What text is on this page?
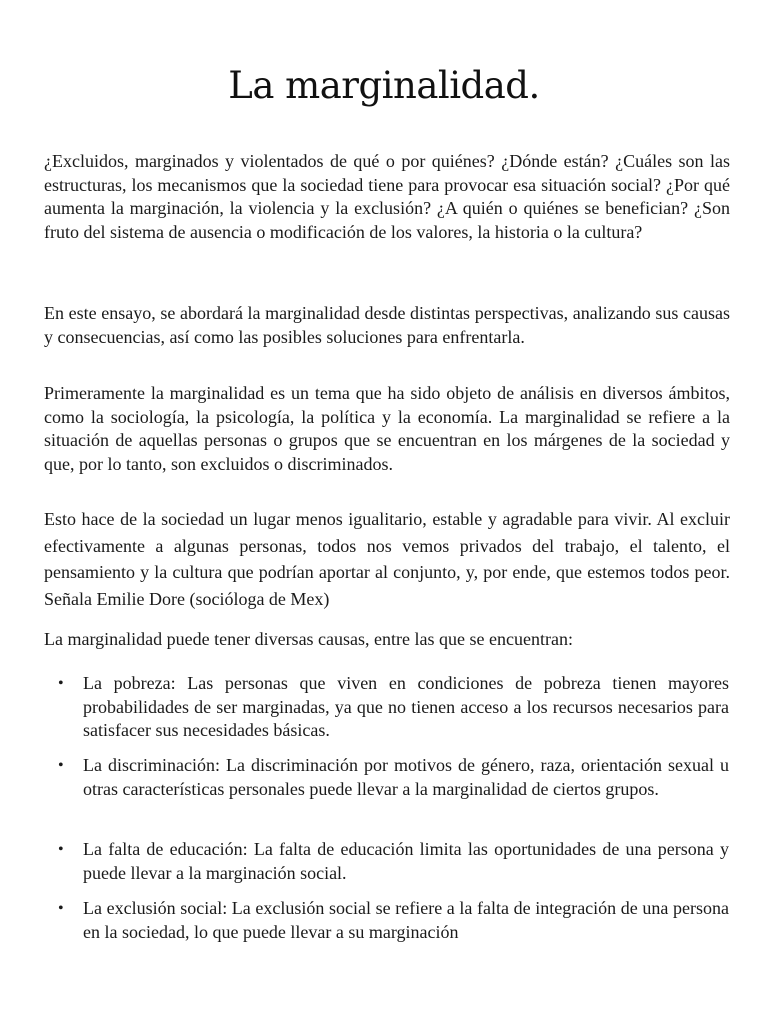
La marginalidad.

¿Excluidos, marginados y violentados de qué o por quiénes? ¿Dónde están? ¿Cuáles son las estructuras, los mecanismos que la sociedad tiene para provocar esa situación social? ¿Por qué aumenta la marginación, la violencia y la exclusión? ¿A quién o quiénes se benefician? ¿Son fruto del sistema de ausencia o modificación de los valores, la historia o la cultura?

En este ensayo, se abordará la marginalidad desde distintas perspectivas, analizando sus causas y consecuencias, así como las posibles soluciones para enfrentarla.

Primeramente la marginalidad es un tema que ha sido objeto de análisis en diversos ámbitos, como la sociología, la psicología, la política y la economía. La marginalidad se refiere a la situación de aquellas personas o grupos que se encuentran en los márgenes de la sociedad y que, por lo tanto, son excluidos o discriminados.

Esto hace de la sociedad un lugar menos igualitario, estable y agradable para vivir. Al excluir efectivamente a algunas personas, todos nos vemos privados del trabajo, el talento, el pensamiento y la cultura que podrían aportar al conjunto, y, por ende, que estemos todos peor. Señala Emilie Dore (socióloga de Mex)

La marginalidad puede tener diversas causas, entre las que se encuentran:

• La pobreza: Las personas que viven en condiciones de pobreza tienen mayores probabilidades de ser marginadas, ya que no tienen acceso a los recursos necesarios para satisfacer sus necesidades básicas.

• La discriminación: La discriminación por motivos de género, raza, orientación sexual u otras características personales puede llevar a la marginalidad de ciertos grupos.

• La falta de educación: La falta de educación limita las oportunidades de una persona y puede llevar a la marginación social.

• La exclusión social: La exclusión social se refiere a la falta de integración de una persona en la sociedad, lo que puede llevar a su marginación
